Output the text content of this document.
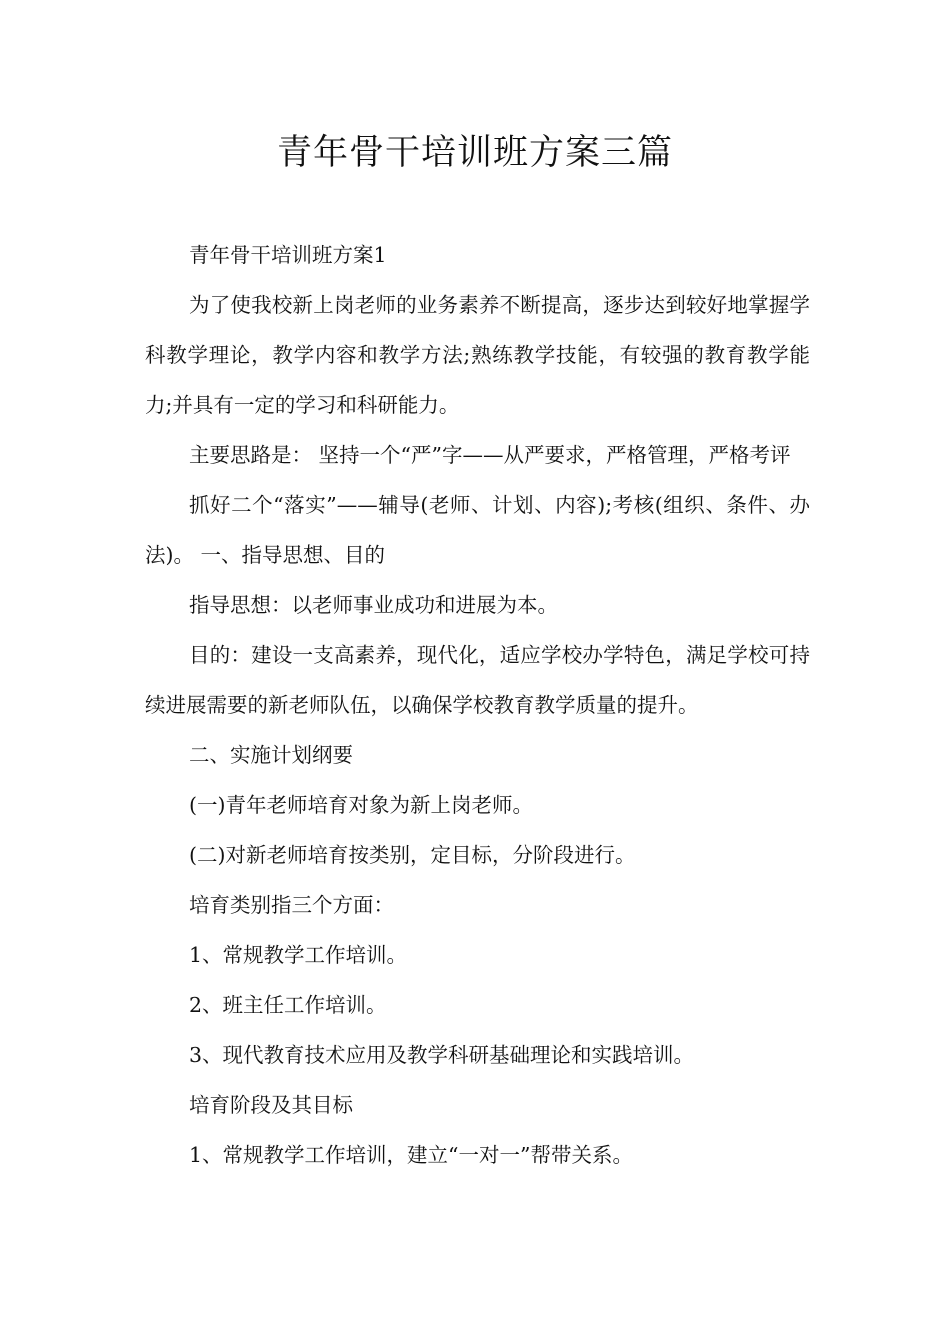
青年骨干培训班方案三篇

青年骨干培训班方案1

为了使我校新上岗老师的业务素养不断提高，逐步达到较好地掌握学科教学理论，教学内容和教学方法;熟练教学技能，有较强的教育教学能力;并具有一定的学习和科研能力。

主要思路是： 坚持一个“严”字——从严要求，严格管理，严格考评

抓好二个“落实”——辅导(老师、计划、内容);考核(组织、条件、办法)。 一、指导思想、目的

指导思想：以老师事业成功和进展为本。

目的：建设一支高素养，现代化，适应学校办学特色，满足学校可持续进展需要的新老师队伍，以确保学校教育教学质量的提升。

二、实施计划纲要

(一)青年老师培育对象为新上岗老师。

(二)对新老师培育按类别，定目标，分阶段进行。

培育类别指三个方面：

1、常规教学工作培训。

2、班主任工作培训。

3、现代教育技术应用及教学科研基础理论和实践培训。

培育阶段及其目标

1、常规教学工作培训，建立“一对一”帮带关系。
